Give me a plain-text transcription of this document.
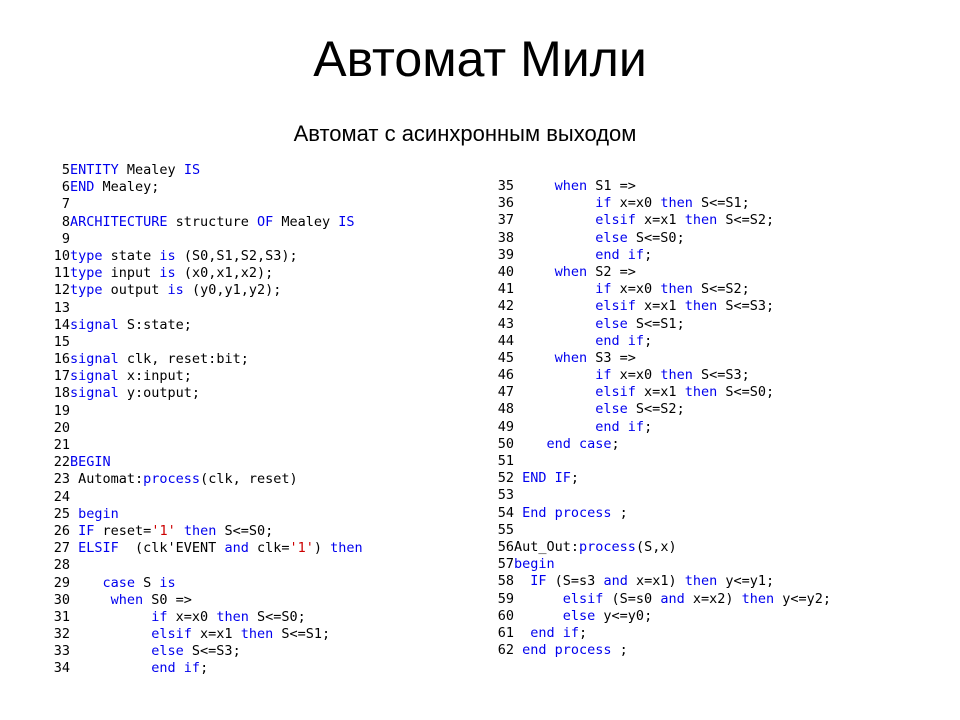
Автомат Мили
Автомат с асинхронным выходом
5 ENTITY Mealey IS
6 END Mealey;
7
8 ARCHITECTURE structure OF Mealey IS
9
10 type state is (S0,S1,S2,S3);
11 type input is (x0,x1,x2);
12 type output is (y0,y1,y2);
13
14 signal S:state;
15
16 signal clk, reset:bit;
17 signal x:input;
18 signal y:output;
19
20
21
22 BEGIN
23 Automat:process(clk, reset)
24
25 begin
26 IF reset='1' then S<=S0;
27 ELSIF  (clk'EVENT and clk='1') then
28
29	case S is
30	when S0 =>
31	if x=x0 then S<=S0;
32	elsif x=x1 then S<=S1;
33	else S<=S3;
34	end if;
35	when S1 =>
36	if x=x0 then S<=S1;
37	elsif x=x1 then S<=S2;
38	else S<=S0;
39	end if;
40	when S2 =>
41	if x=x0 then S<=S2;
42	elsif x=x1 then S<=S3;
43	else S<=S1;
44	end if;
45	when S3 =>
46	if x=x0 then S<=S3;
47	elsif x=x1 then S<=S0;
48	else S<=S2;
49	end if;
50	end case;
51
52 END IF;
53
54 End process ;
55
56 Aut_Out:process(S,x)
57 begin
58	IF (S=s3 and x=x1) then y<=y1;
59	elsif (S=s0 and x=x2) then y<=y2;
60	else y<=y0;
61	end if;
62 end process ;
